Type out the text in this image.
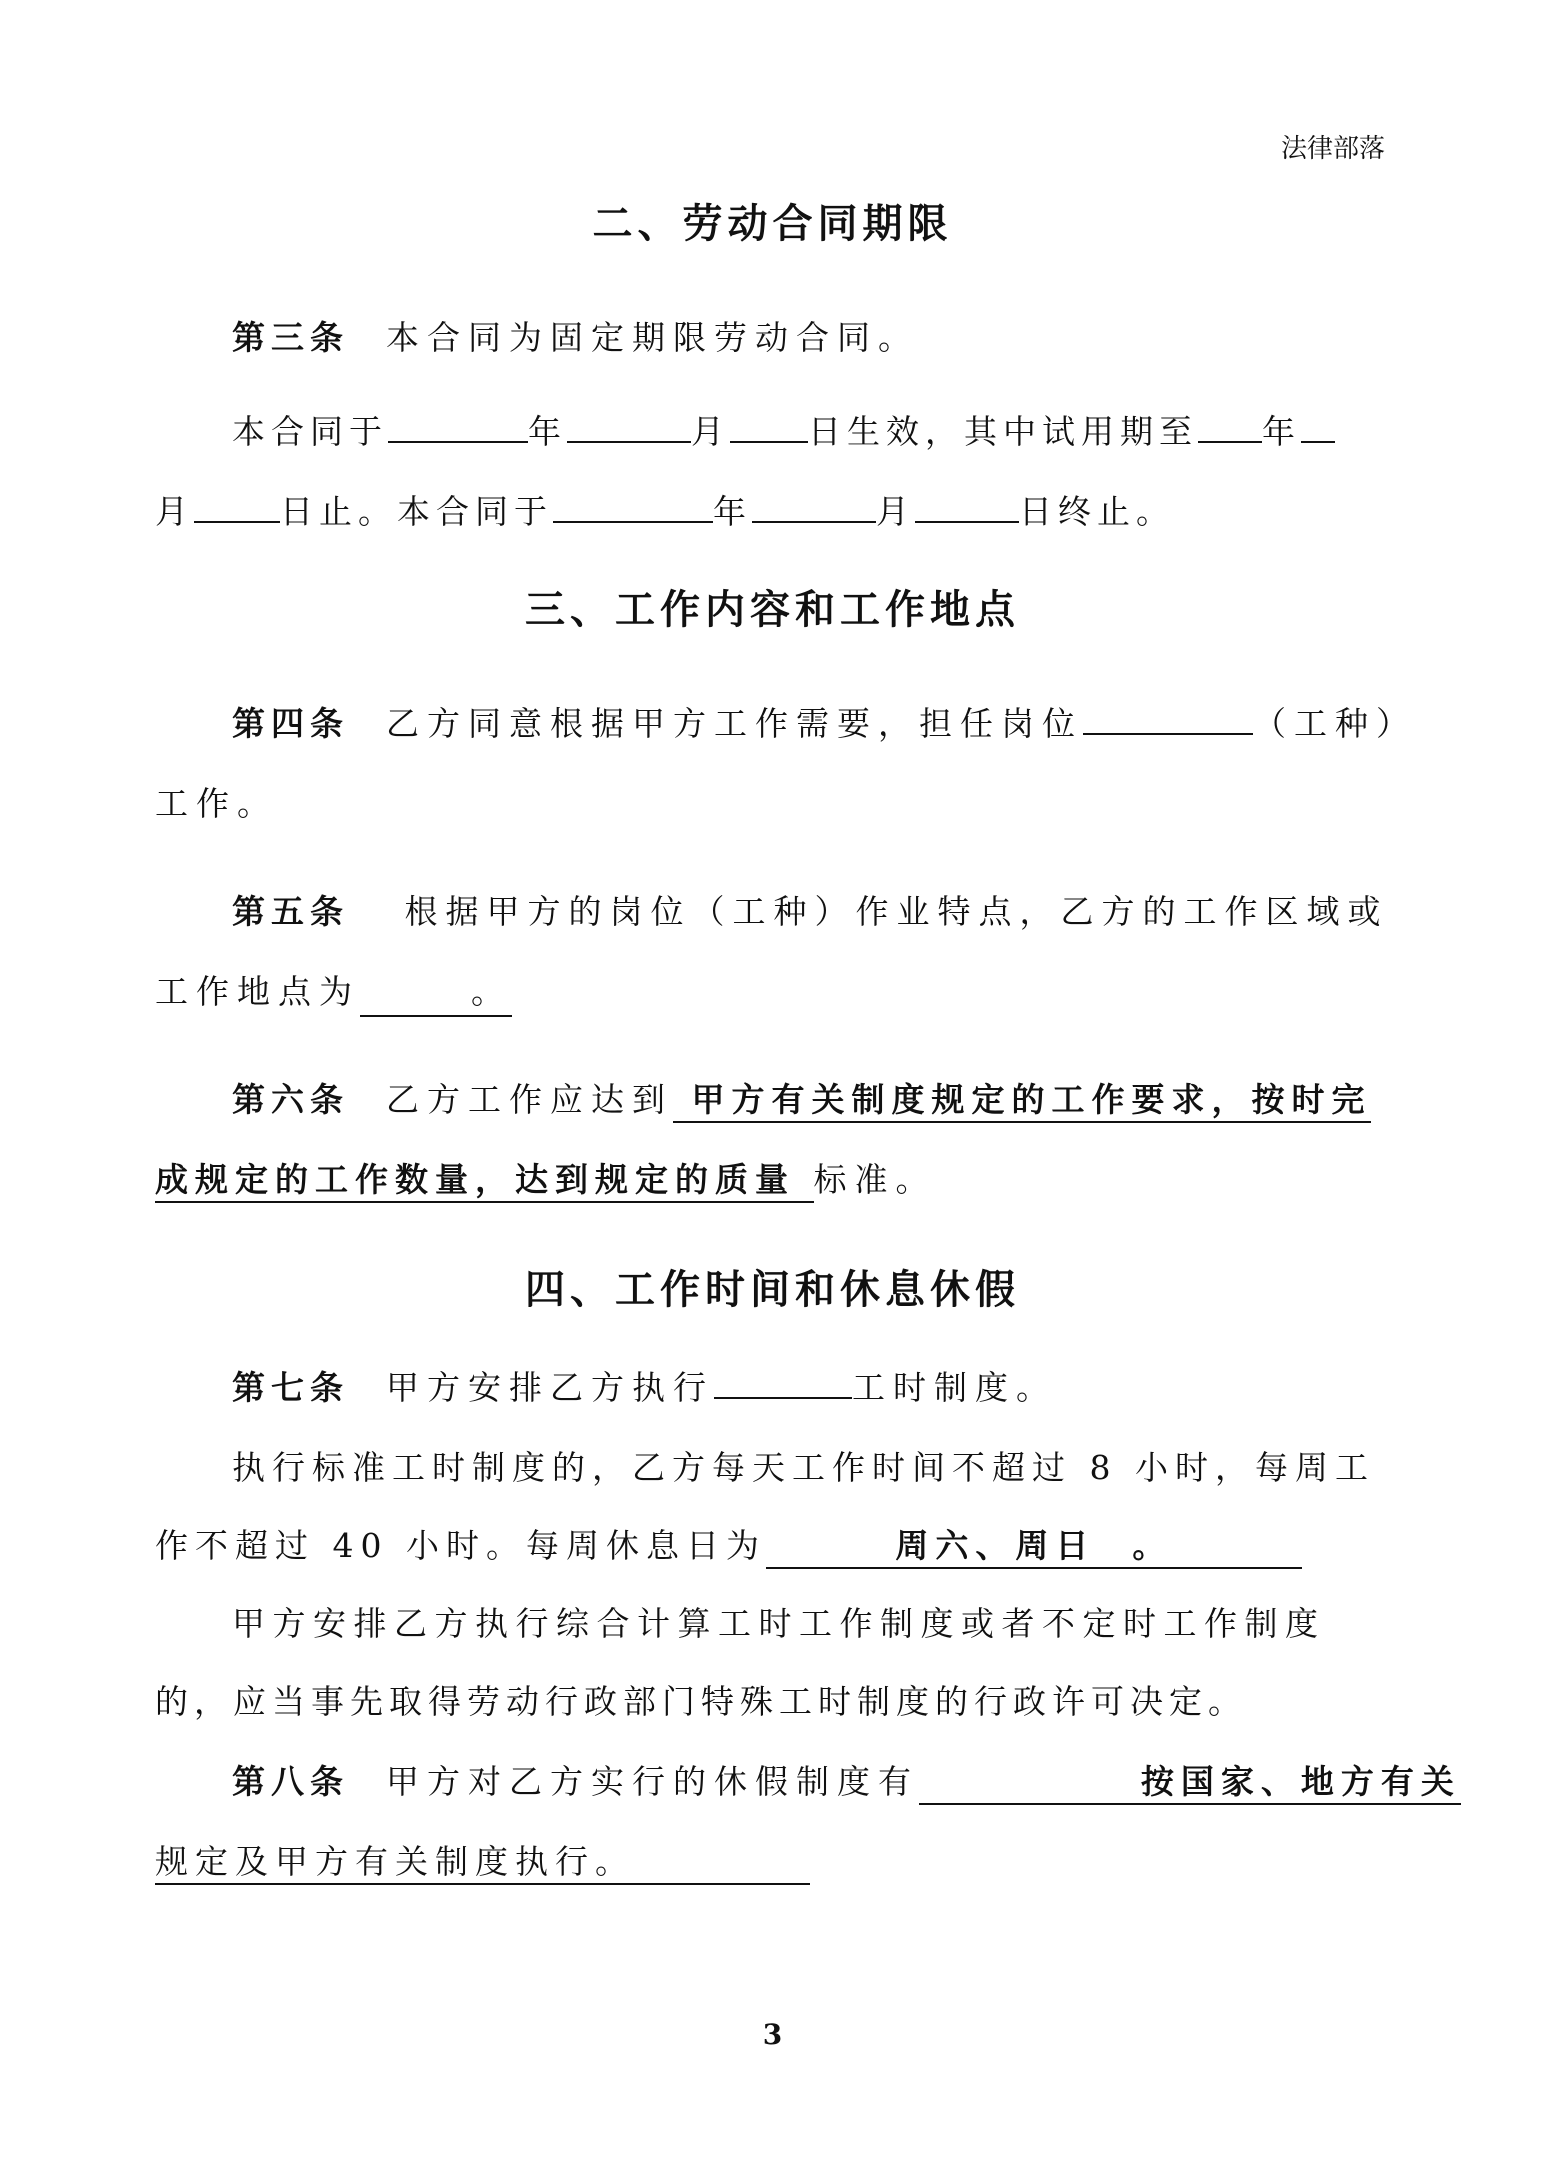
法律部落
二、劳动合同期限
第三条 本合同为固定期限劳动合同。
本合同于	年	月 日生效，其中试用期至 年
月	日止。本合同于	年	月	日终止。
三、工作内容和工作地点
第四条 乙方同意根据甲方工作需要，担任岗位	（工种）
工作。
第五条 根据甲方的岗位（工种）作业特点，乙方的工作区域或
工作地点为	。
第六条 乙方工作应达到 甲方有关制度规定的工作要求，按时完
成规定的工作数量，达到规定的质量 标准。
四、工作时间和休息休假
第七条 甲方安排乙方执行	工时制度。
执行标准工时制度的，乙方每天工作时间不超过 8 小时，每周工
作不超过 40 小时。每周休息日为	周六、周日 。
甲方安排乙方执行综合计算工时工作制度或者不定时工作制度
的，应当事先取得劳动行政部门特殊工时制度的行政许可决定。
第八条 甲方对乙方实行的休假制度有	按国家、地方有关
规定及甲方有关制度执行。
3
